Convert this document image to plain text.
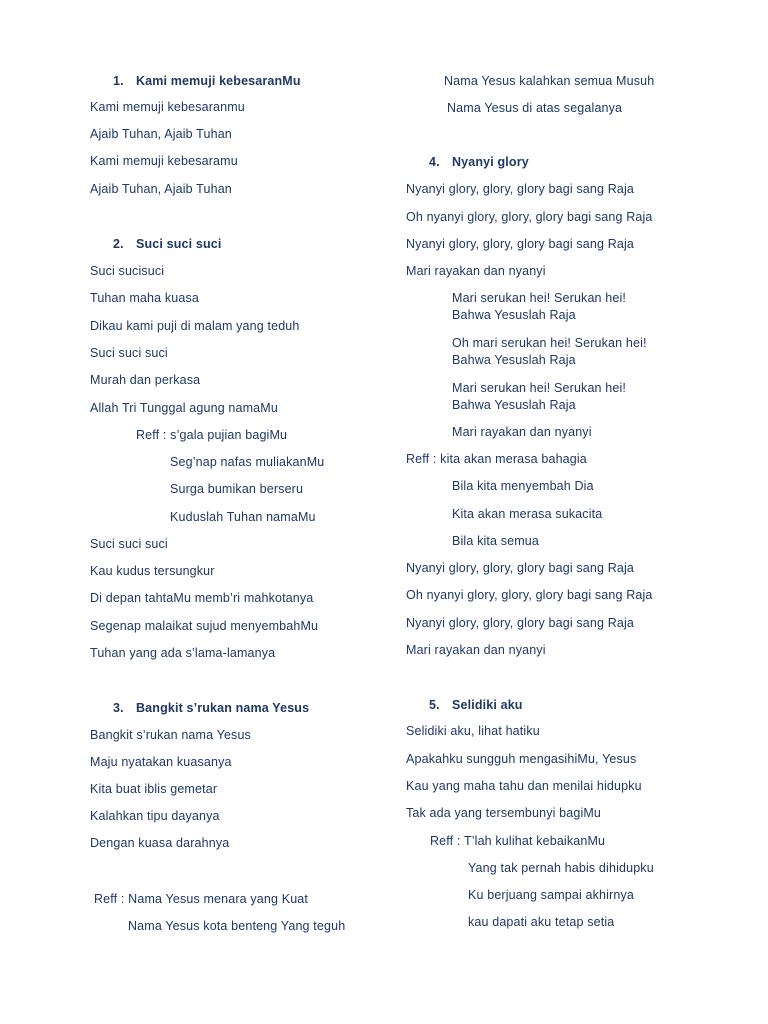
1. Kami memuji kebesaranMu
Kami memuji kebesaranmu
Ajaib Tuhan, Ajaib Tuhan
Kami memuji kebesaramu
Ajaib Tuhan, Ajaib Tuhan
2. Suci suci suci
Suci sucisuci
Tuhan maha kuasa
Dikau kami puji di malam yang teduh
Suci suci suci
Murah dan perkasa
Allah Tri Tunggal agung namaMu
Reff : s’gala pujian bagiMu
Seg’nap nafas muliakanMu
Surga bumikan berseru
Kuduslah Tuhan namaMu
Suci suci suci
Kau kudus tersungkur
Di depan tahtaMu memb’ri mahkotanya
Segenap malaikat sujud menyembahMu
Tuhan yang ada s’lama-lamanya
3. Bangkit s’rukan nama Yesus
Bangkit s’rukan nama Yesus
Maju nyatakan kuasanya
Kita buat iblis gemetar
Kalahkan tipu dayanya
Dengan kuasa darahnya
Reff : Nama Yesus menara yang Kuat
Nama Yesus kota benteng Yang teguh
Nama Yesus kalahkan semua Musuh
Nama Yesus di atas segalanya
4. Nyanyi glory
Nyanyi glory, glory, glory bagi sang Raja
Oh nyanyi glory, glory, glory bagi sang Raja
Nyanyi glory, glory, glory bagi sang Raja
Mari rayakan dan nyanyi
Mari serukan hei! Serukan hei!
Bahwa Yesuslah Raja
Oh mari serukan hei! Serukan hei!
Bahwa Yesuslah Raja
Mari serukan hei! Serukan hei!
Bahwa Yesuslah Raja
Mari rayakan dan nyanyi
Reff : kita akan merasa bahagia
Bila kita menyembah Dia
Kita akan merasa sukacita
Bila kita semua
Nyanyi glory, glory, glory bagi sang Raja
Oh nyanyi glory, glory, glory bagi sang Raja
Nyanyi glory, glory, glory bagi sang Raja
Mari rayakan dan nyanyi
5. Selidiki aku
Selidiki aku, lihat hatiku
Apakahku sungguh mengasihiMu, Yesus
Kau yang maha tahu dan menilai hidupku
Tak ada yang tersembunyi bagiMu
Reff : T’lah kulihat kebaikanMu
Yang tak pernah habis dihidupku
Ku berjuang sampai akhirnya
kau dapati aku tetap setia
